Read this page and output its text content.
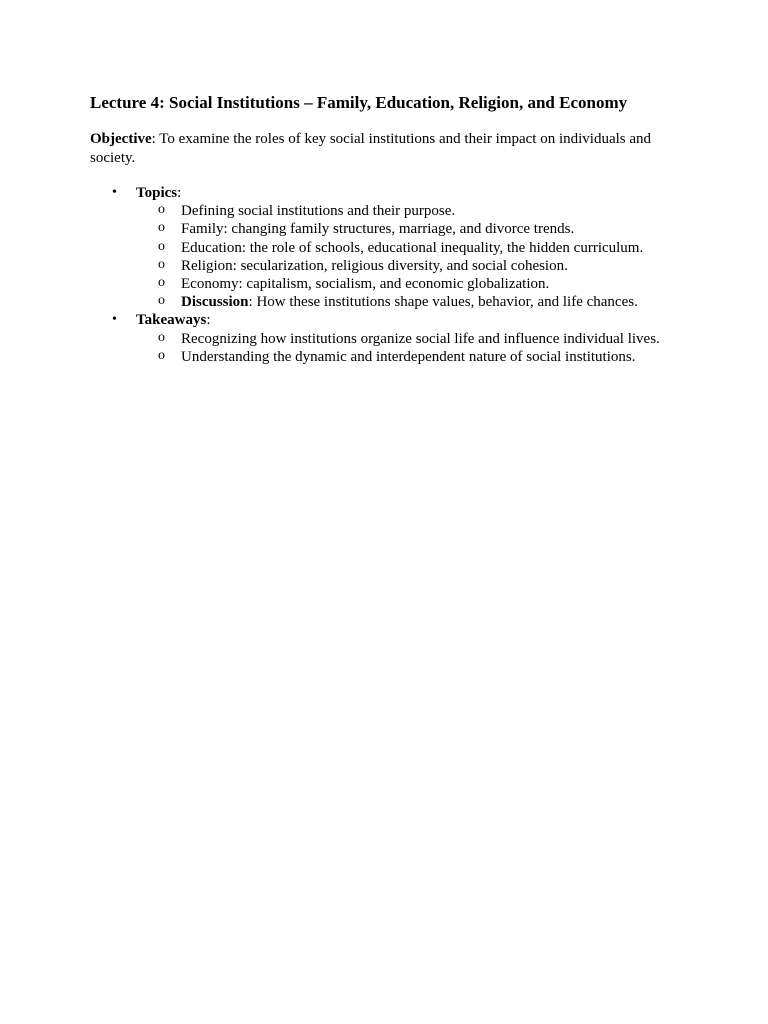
Lecture 4: Social Institutions – Family, Education, Religion, and Economy

Objective: To examine the roles of key social institutions and their impact on individuals and society.

• Topics:
o Defining social institutions and their purpose.
o Family: changing family structures, marriage, and divorce trends.
o Education: the role of schools, educational inequality, the hidden curriculum.
o Religion: secularization, religious diversity, and social cohesion.
o Economy: capitalism, socialism, and economic globalization.
o Discussion: How these institutions shape values, behavior, and life chances.
• Takeaways:
o Recognizing how institutions organize social life and influence individual lives.
o Understanding the dynamic and interdependent nature of social institutions.
